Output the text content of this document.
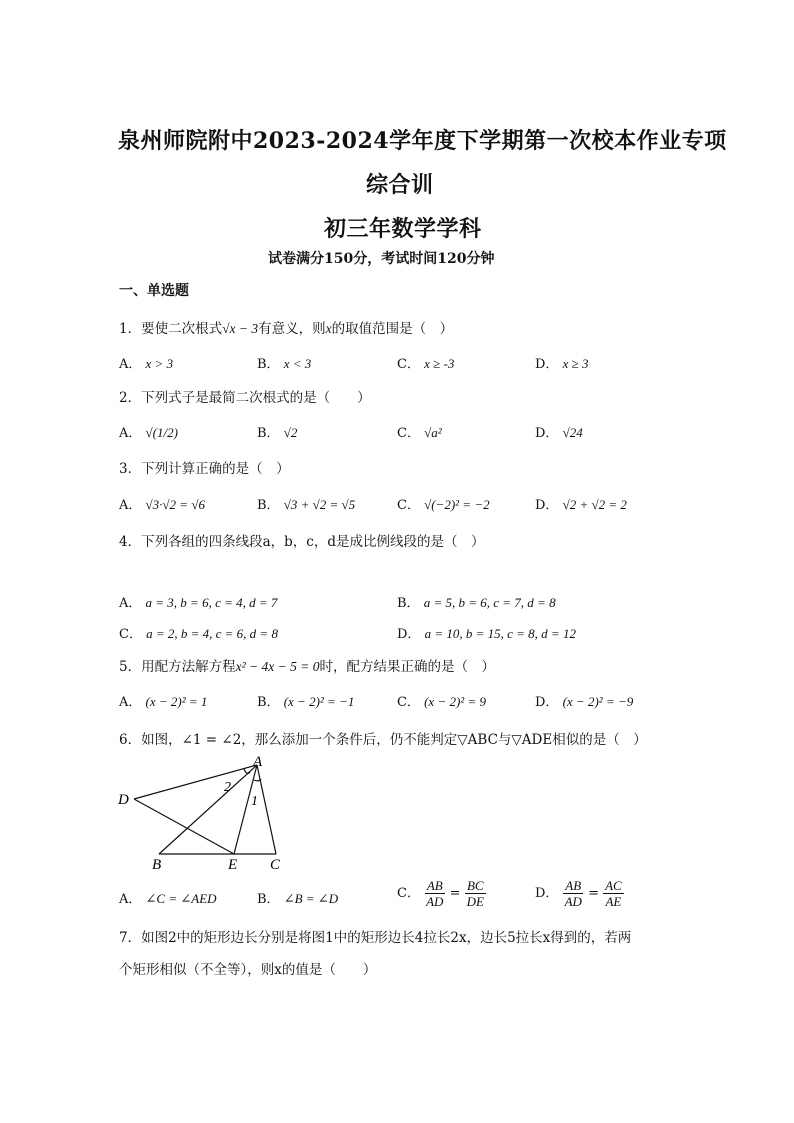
泉州师院附中2023-2024学年度下学期第一次校本作业专项
综合训
初三年数学学科
试卷满分150分，考试时间120分钟
一、单选题
1．要使二次根式√x − 3有意义，则x的取值范围是（　）
A． x > 3	B． x < 3	C． x ≥ -3	D． x ≥ 3
2．下列式子是最简二次根式的是（　　）
A． √(1/2)	B． √2	C． √a²	D． √24
3．下列计算正确的是（　）
A． √3·√2 = √6	B． √3 + √2 = √5	C． √(−2)² = −2	D． √2 + √2 = 2
4．下列各组的四条线段a，b，c，d是成比例线段的是（　）
A． a = 3, b = 6, c = 4, d = 7	B． a = 5, b = 6, c = 7, d = 8
C． a = 2, b = 4, c = 6, d = 8	D． a = 10, b = 15, c = 8, d = 12
5．用配方法解方程x² − 4x − 5 = 0时，配方结果正确的是（　）
A． (x − 2)² = 1	B． (x − 2)² = −1	C． (x − 2)² = 9	D． (x − 2)² = −9
6．如图，∠1 = ∠2，那么添加一个条件后，仍不能判定▽ABC与▽ADE相似的是（　）
A
D
B	E C
2
1
A． ∠C = ∠AED	B． ∠B = ∠D	C． $\frac{AB}{AD} = \frac{BC}{DE}$	D． $\frac{AB}{AD} = \frac{AC}{AE}$
7．如图2中的矩形边长分别是将图1中的矩形边长4拉长2x，边长5拉长x得到的，若两
个矩形相似（不全等），则x的值是（　　）
